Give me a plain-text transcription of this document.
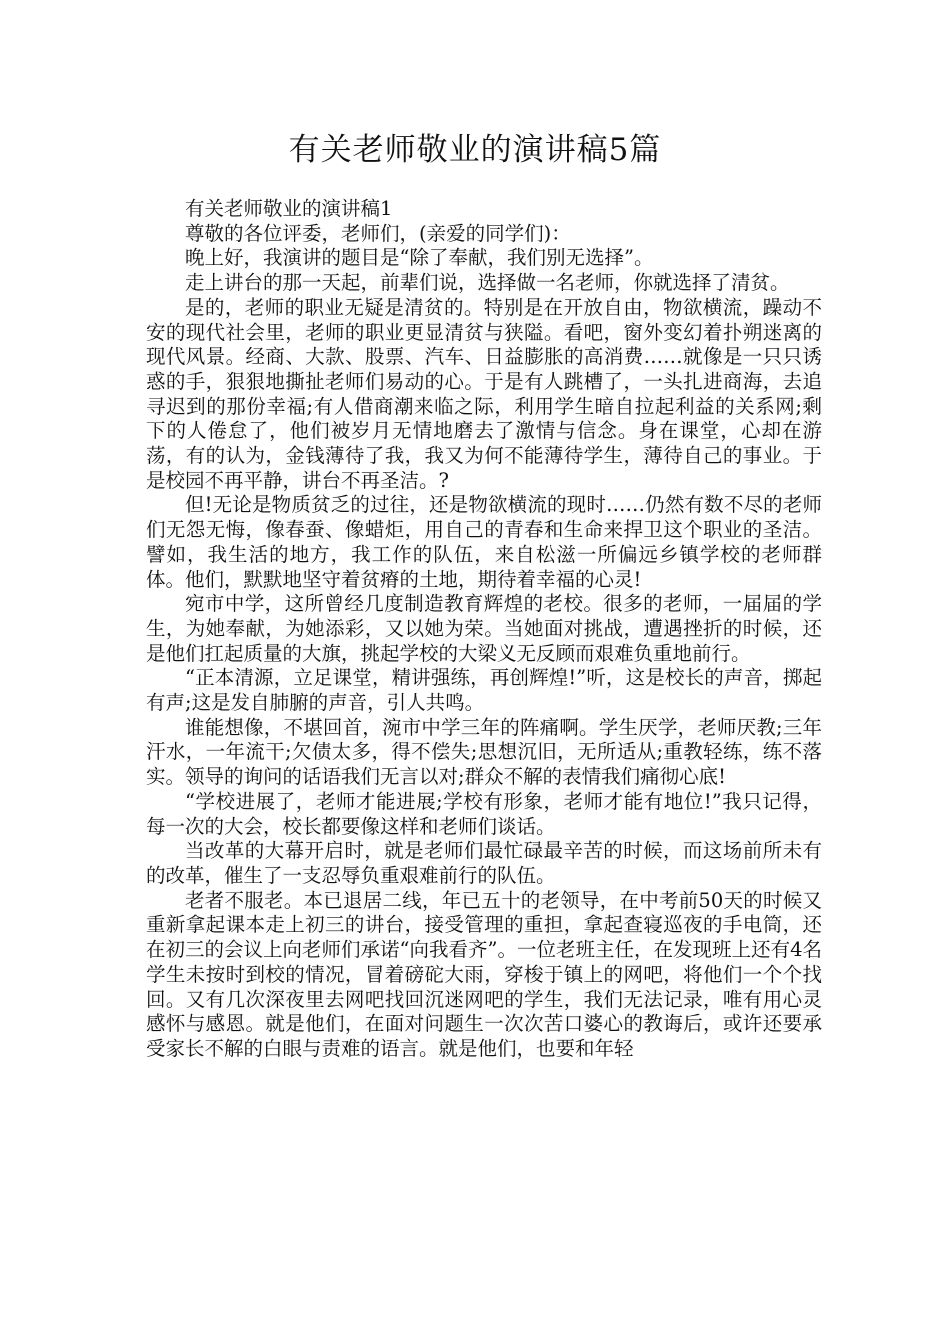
有关老师敬业的演讲稿5篇

有关老师敬业的演讲稿1

尊敬的各位评委，老师们，(亲爱的同学们)：

晚上好，我演讲的题目是“除了奉献，我们别无选择”。

走上讲台的那一天起，前辈们说，选择做一名老师，你就选择了清贫。

是的，老师的职业无疑是清贫的。特别是在开放自由，物欲横流，躁动不安的现代社会里，老师的职业更显清贫与狭隘。看吧，窗外变幻着扑朔迷离的现代风景。经商、大款、股票、汽车、日益膨胀的高消费……就像是一只只诱惑的手，狠狠地撕扯老师们易动的心。于是有人跳槽了，一头扎进商海，去追寻迟到的那份幸福;有人借商潮来临之际，利用学生暗自拉起利益的关系网;剩下的人倦怠了，他们被岁月无情地磨去了激情与信念。身在课堂，心却在游荡，有的认为，金钱薄待了我，我又为何不能薄待学生，薄待自己的事业。于是校园不再平静，讲台不再圣洁。?

但!无论是物质贫乏的过往，还是物欲横流的现时……仍然有数不尽的老师们无怨无悔，像春蚕、像蜡炬，用自己的青春和生命来捍卫这个职业的圣洁。譬如，我生活的地方，我工作的队伍，来自松滋一所偏远乡镇学校的老师群体。他们，默默地坚守着贫瘠的土地，期待着幸福的心灵!

宛市中学，这所曾经几度制造教育辉煌的老校。很多的老师，一届届的学生，为她奉献，为她添彩，又以她为荣。当她面对挑战，遭遇挫折的时候，还是他们扛起质量的大旗，挑起学校的大梁义无反顾而艰难负重地前行。

“正本清源，立足课堂，精讲强练，再创辉煌!”听，这是校长的声音，掷起有声;这是发自肺腑的声音，引人共鸣。

谁能想像，不堪回首，涴市中学三年的阵痛啊。学生厌学，老师厌教;三年汗水，一年流干;欠债太多，得不偿失;思想沉旧，无所适从;重教轻练，练不落实。领导的询问的话语我们无言以对;群众不解的表情我们痛彻心底!

“学校进展了，老师才能进展;学校有形象，老师才能有地位!”我只记得，每一次的大会，校长都要像这样和老师们谈话。

当改革的大幕开启时，就是老师们最忙碌最辛苦的时候，而这场前所未有的改革，催生了一支忍辱负重艰难前行的队伍。

老者不服老。本已退居二线，年已五十的老领导，在中考前50天的时候又重新拿起课本走上初三的讲台，接受管理的重担，拿起查寝巡夜的手电筒，还在初三的会议上向老师们承诺“向我看齐”。一位老班主任，在发现班上还有4名学生未按时到校的情况，冒着磅砣大雨，穿梭于镇上的网吧，将他们一个个找回。又有几次深夜里去网吧找回沉迷网吧的学生，我们无法记录，唯有用心灵感怀与感恩。就是他们，在面对问题生一次次苦口婆心的教诲后，或许还要承受家长不解的白眼与责难的语言。就是他们，也要和年轻
